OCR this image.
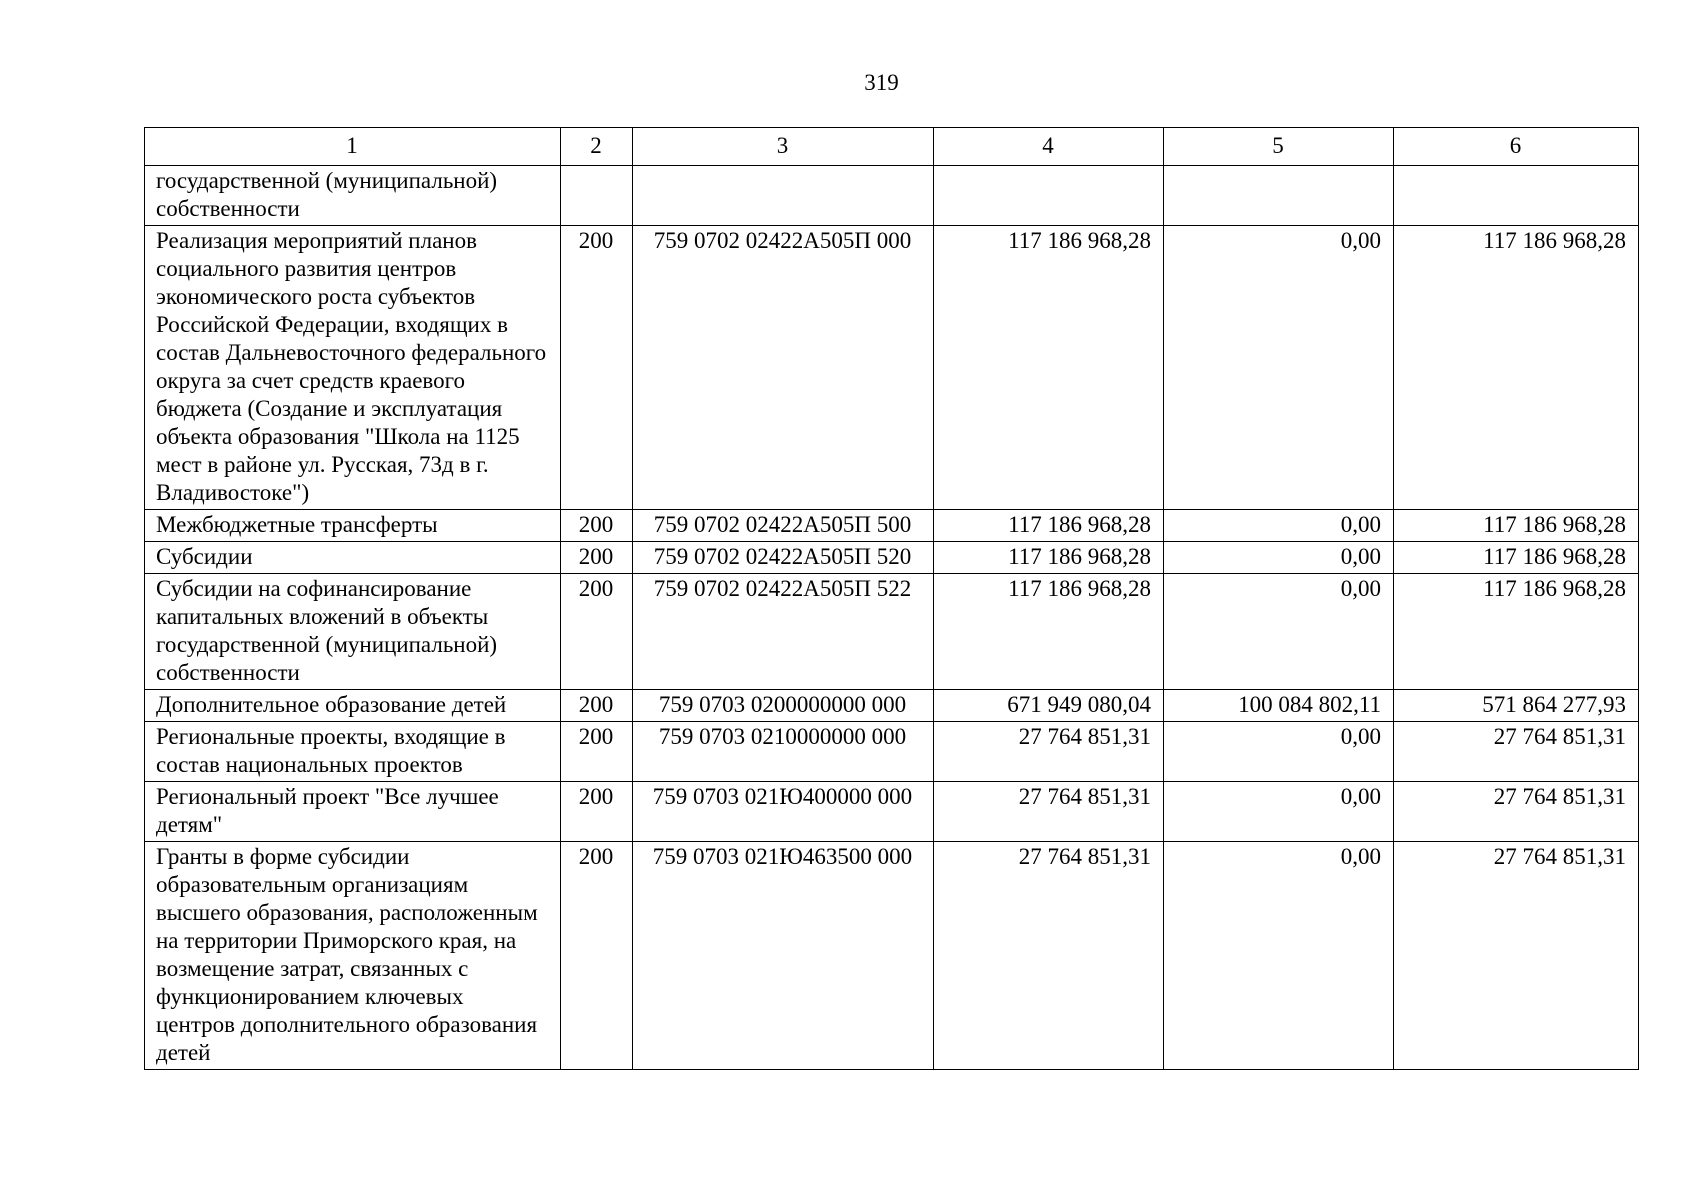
319
1	2	3	4	5	6
государственной (муниципальной) собственности					
Реализация мероприятий планов социального развития центров экономического роста субъектов Российской Федерации, входящих в состав Дальневосточного федерального округа за счет средств краевого бюджета (Создание и эксплуатация объекта образования "Школа на 1125 мест в районе ул. Русская, 73д в г. Владивостоке")	200	759 0702 02422А505П 000	117 186 968,28	0,00	117 186 968,28
Межбюджетные трансферты	200	759 0702 02422А505П 500	117 186 968,28	0,00	117 186 968,28
Субсидии	200	759 0702 02422А505П 520	117 186 968,28	0,00	117 186 968,28
Субсидии на софинансирование капитальных вложений в объекты государственной (муниципальной) собственности	200	759 0702 02422А505П 522	117 186 968,28	0,00	117 186 968,28
Дополнительное образование детей	200	759 0703 0200000000 000	671 949 080,04	100 084 802,11	571 864 277,93
Региональные проекты, входящие в состав национальных проектов	200	759 0703 0210000000 000	27 764 851,31	0,00	27 764 851,31
Региональный проект "Все лучшее детям"	200	759 0703 021Ю400000 000	27 764 851,31	0,00	27 764 851,31
Гранты в форме субсидии образовательным организациям высшего образования, расположенным на территории Приморского края, на возмещение затрат, связанных с функционированием ключевых центров дополнительного образования детей	200	759 0703 021Ю463500 000	27 764 851,31	0,00	27 764 851,31
